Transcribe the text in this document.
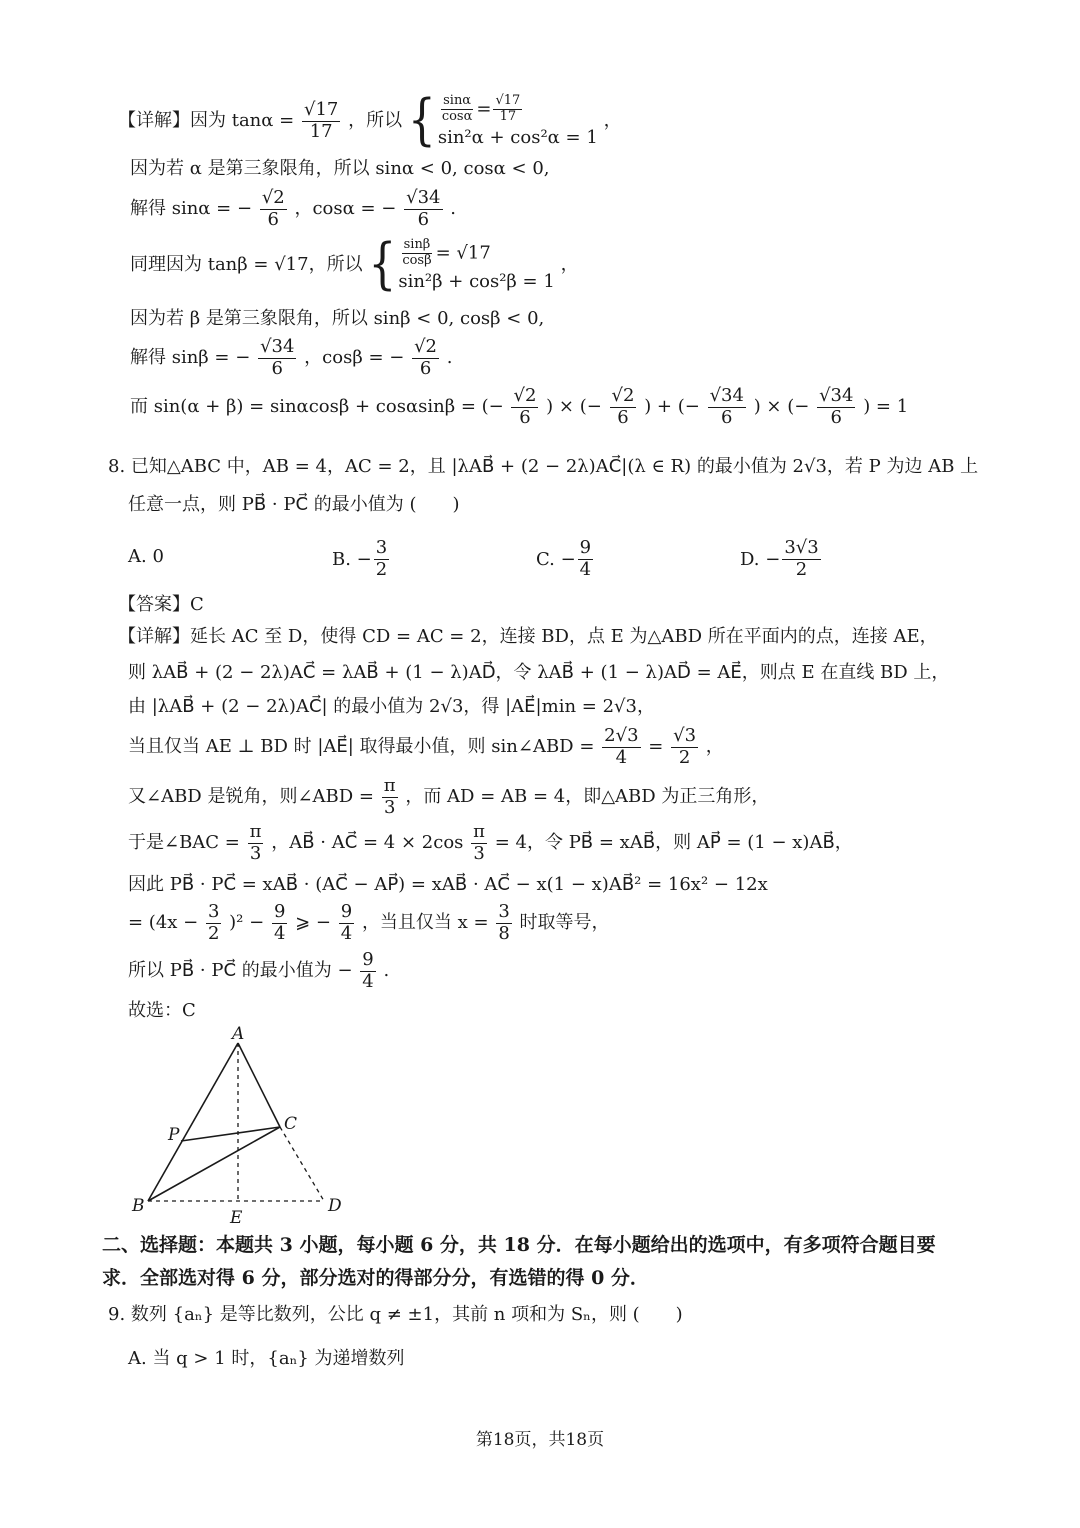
【详解】因为 $\tan\alpha = \frac{√17}{17}$ ，所以 { $\frac{\sin\alpha}{\cos\alpha} = \frac{√17}{17}$
sin²α + cos²α = 1
，
因为若 α 是第三象限角，所以 sinα < 0, cosα < 0,
解得 sinα = − $\frac{√2}{6}$ ，cosα = − $\frac{√34}{6}$ .
同理因为 tanβ = √17，所以 { $\frac{\sin\beta}{\cos\beta} = √17$
sin²β + cos²β = 1
，
因为若 β 是第三象限角，所以 sinβ < 0, cosβ < 0,
解得 sinβ = − $\frac{√34}{6}$ ，cosβ = − $\frac{√2}{6}$ .
而 sin(α + β) = sinαcosβ + cosαsinβ = (− $\frac{√2}{6}$ ) × (− $\frac{√2}{6}$ ) + (− $\frac{√34}{6}$ ) × (− $\frac{√34}{6}$ ) = 1
8. 已知△ABC 中，AB = 4，AC = 2，且 |λAB⃗ + (2 − 2λ)AC⃗|(λ ∈ R) 的最小值为 2√3，若 P 为边 AB 上
任意一点，则 PB⃗ · PC⃗ 的最小值为 (　　)
A. 0	B. − $\frac{3}{2}$	C. − $\frac{9}{4}$	D. − $\frac{3√3}{2}$
【答案】C
【详解】延长 AC 至 D，使得 CD = AC = 2，连接 BD，点 E 为△ABD 所在平面内的点，连接 AE，
则 λAB⃗ + (2 − 2λ)AC⃗ = λAB⃗ + (1 − λ)AD⃗，令 λAB⃗ + (1 − λ)AD⃗ = AE⃗，则点 E 在直线 BD 上，
由 |λAB⃗ + (2 − 2λ)AC⃗| 的最小值为 2√3，得 |AE⃗|min = 2√3，
当且仅当 AE ⊥ BD 时 |AE⃗| 取得最小值，则 sin∠ABD = $\frac{2√3}{4} = \frac{√3}{2}$ ，
又∠ABD 是锐角，则∠ABD = $\frac{\pi}{3}$ ，而 AD = AB = 4，即△ABD 为正三角形，
于是∠BAC = $\frac{\pi}{3}$ ，AB⃗ · AC⃗ = $4 \times 2\cos \frac{\pi}{3} = 4$，令 PB⃗ = xAB⃗，则 AP⃗ = (1 − x)AB⃗，
因此 PB⃗ · PC⃗ = xAB⃗ · (AC⃗ − AP⃗) = xAB⃗ · AC⃗ − x(1 − x)AB⃗² = 16x² − 12x
= $(4x - \frac{3}{2} )^2 - \frac{9}{4}$ ⩾ − $\frac{9}{4}$ ，当且仅当 $x = \frac{3}{8}$ 时取等号，
所以 PB⃗ · PC⃗ 的最小值为 − $\frac{9}{4}$ .
故选：C
A
P
C
B
E
D
二、选择题：本题共 3 小题，每小题 6 分，共 18 分．在每小题给出的选项中，有多项符合题目要
求．全部选对得 6 分，部分选对的得部分分，有选错的得 0 分．
9. 数列 {aₙ} 是等比数列，公比 q ≠ ±1，其前 n 项和为 Sₙ，则 (　　)
A. 当 q > 1 时，{aₙ} 为递增数列
第18页，共18页
